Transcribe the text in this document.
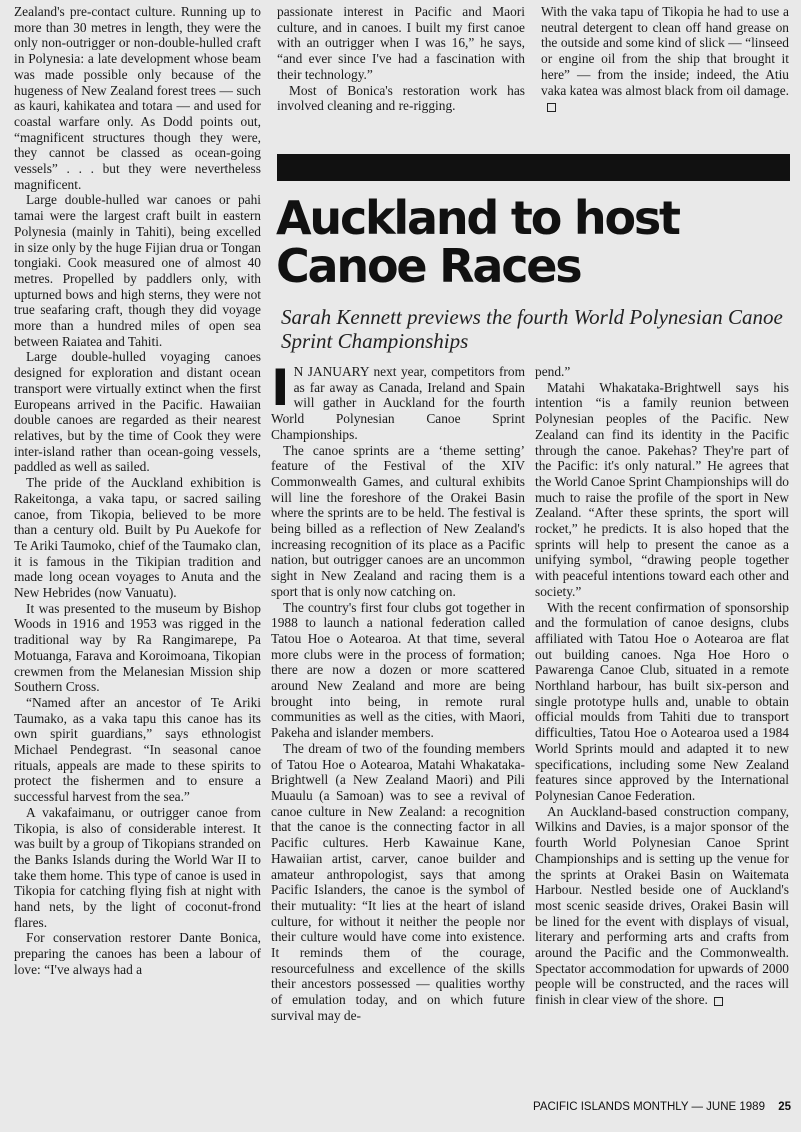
Zealand's pre-contact culture. Running up to more than 30 metres in length, they were the only non-outrigger or non-double-hulled craft in Polynesia: a late development whose beam was made possible only because of the hugeness of New Zealand forest trees — such as kauri, kahikatea and totara — and used for coastal warfare only. As Dodd points out, “magnificent structures though they were, they cannot be classed as ocean-going vessels” . . . but they were nevertheless magnificent.

Large double-hulled war canoes or pahi tamai were the largest craft built in eastern Polynesia (mainly in Tahiti), being excelled in size only by the huge Fijian drua or Tongan tongiaki. Cook measured one of almost 40 metres. Propelled by paddlers only, with upturned bows and high sterns, they were not true seafaring craft, though they did voyage more than a hundred miles of open sea between Raiatea and Tahiti.

Large double-hulled voyaging canoes designed for exploration and distant ocean transport were virtually extinct when the first Europeans arrived in the Pacific. Hawaiian double canoes are regarded as their nearest relatives, but by the time of Cook they were inter-island rather than ocean-going vessels, paddled as well as sailed.

The pride of the Auckland exhibition is Rakeitonga, a vaka tapu, or sacred sailing canoe, from Tikopia, believed to be more than a century old. Built by Pu Auekofe for Te Ariki Taumoko, chief of the Taumako clan, it is famous in the Tikipian tradition and made long ocean voyages to Anuta and the New Hebrides (now Vanuatu).

It was presented to the museum by Bishop Woods in 1916 and 1953 was rigged in the traditional way by Ra Rangimarepe, Pa Motuanga, Farava and Koroimoana, Tikopian crewmen from the Melanesian Mission ship Southern Cross.

“Named after an ancestor of Te Ariki Taumako, as a vaka tapu this canoe has its own spirit guardians,” says ethnologist Michael Pendegrast. “In seasonal canoe rituals, appeals are made to these spirits to protect the fishermen and to ensure a successful harvest from the sea.”

A vakafaimanu, or outrigger canoe from Tikopia, is also of considerable interest. It was built by a group of Tikopians stranded on the Banks Islands during the World War II to take them home. This type of canoe is used in Tikopia for catching flying fish at night with hand nets, by the light of coconut-frond flares.

For conservation restorer Dante Bonica, preparing the canoes has been a labour of love: “I've always had a

passionate interest in Pacific and Maori culture, and in canoes. I built my first canoe with an outrigger when I was 16,” he says, “and ever since I've had a fascination with their technology.”

Most of Bonica's restoration work has involved cleaning and re-rigging.

With the vaka tapu of Tikopia he had to use a neutral detergent to clean off hand grease on the outside and some kind of slick — “linseed or engine oil from the ship that brought it here” — from the inside; indeed, the Atiu vaka katea was almost black from oil damage.

Auckland to host Canoe Races

Sarah Kennett previews the fourth World Polynesian Canoe Sprint Championships

I N JANUARY next year, competitors from as far away as Canada, Ireland and Spain will gather in Auckland for the fourth World Polynesian Canoe Sprint Championships.

The canoe sprints are a ‘theme setting’ feature of the Festival of the XIV Commonwealth Games, and cultural exhibits will line the foreshore of the Orakei Basin where the sprints are to be held. The festival is being billed as a reflection of New Zealand's increasing recognition of its place as a Pacific nation, but outrigger canoes are an uncommon sight in New Zealand and racing them is a sport that is only now catching on.

The country's first four clubs got together in 1988 to launch a national federation called Tatou Hoe o Aotearoa. At that time, several more clubs were in the process of formation; there are now a dozen or more scattered around New Zealand and more are being brought into being, in remote rural communities as well as the cities, with Maori, Pakeha and islander members.

The dream of two of the founding members of Tatou Hoe o Aotearoa, Matahi Whakataka-Brightwell (a New Zealand Maori) and Pili Muaulu (a Samoan) was to see a revival of canoe culture in New Zealand: a recognition that the canoe is the connecting factor in all Pacific cultures. Herb Kawainue Kane, Hawaiian artist, carver, canoe builder and amateur anthropologist, says that among Pacific Islanders, the canoe is the symbol of their mutuality: “It lies at the heart of island culture, for without it neither the people nor their culture would have come into existence. It reminds them of the courage, resourcefulness and excellence of the skills their ancestors possessed — qualities worthy of emulation today, and on which future survival may de-

pend.”

Matahi Whakataka-Brightwell says his intention “is a family reunion between Polynesian peoples of the Pacific. New Zealand can find its identity in the Pacific through the canoe. Pakehas? They're part of the Pacific: it's only natural.” He agrees that the World Canoe Sprint Championships will do much to raise the profile of the sport in New Zealand. “After these sprints, the sport will rocket,” he predicts. It is also hoped that the sprints will help to present the canoe as a unifying symbol, “drawing people together with peaceful intentions toward each other and society.”

With the recent confirmation of sponsorship and the formulation of canoe designs, clubs affiliated with Tatou Hoe o Aotearoa are flat out building canoes. Nga Hoe Horo o Pawarenga Canoe Club, situated in a remote Northland harbour, has built six-person and single prototype hulls and, unable to obtain official moulds from Tahiti due to transport difficulties, Tatou Hoe o Aotearoa used a 1984 World Sprints mould and adapted it to new specifications, including some New Zealand features since approved by the International Polynesian Canoe Federation.

An Auckland-based construction company, Wilkins and Davies, is a major sponsor of the fourth World Polynesian Canoe Sprint Championships and is setting up the venue for the sprints at Orakei Basin on Waitemata Harbour. Nestled beside one of Auckland's most scenic seaside drives, Orakei Basin will be lined for the event with displays of visual, literary and performing arts and crafts from around the Pacific and the Commonwealth. Spectator accommodation for upwards of 2000 people will be constructed, and the races will finish in clear view of the shore.

PACIFIC ISLANDS MONTHLY — JUNE 1989 25
